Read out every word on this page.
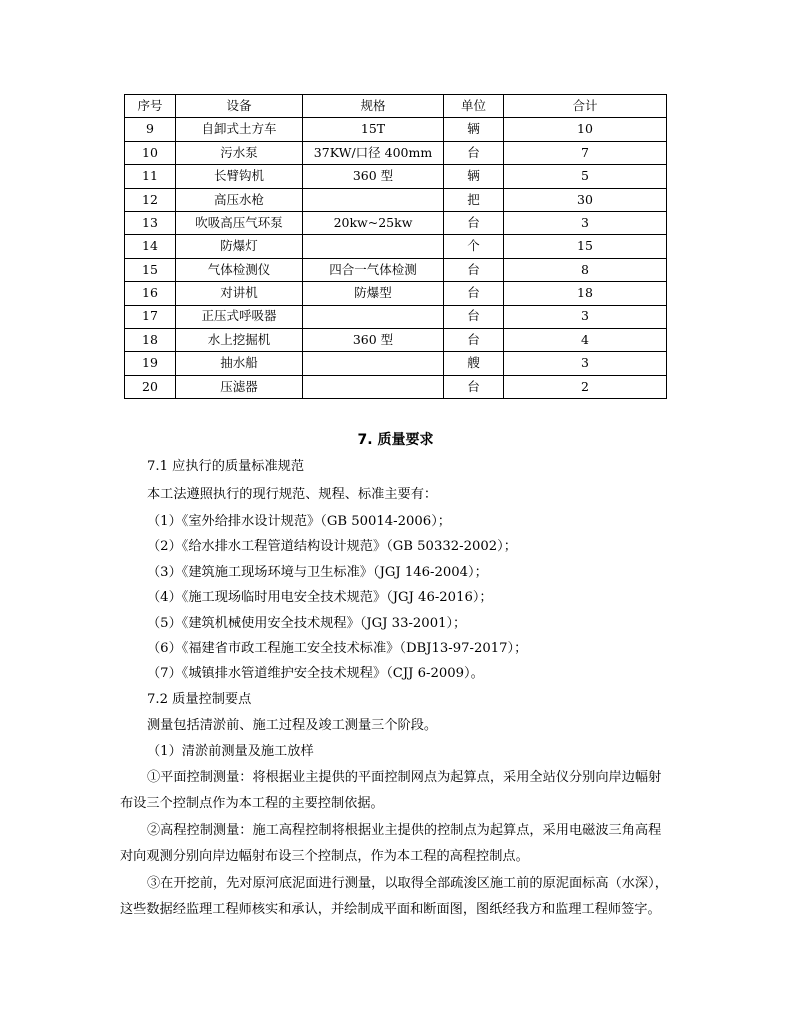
序号	设备	规格	单位	合计
9	自卸式土方车	15T	辆	10
10	污水泵	37KW/口径 400mm	台	7
11	长臂钩机	360 型	辆	5
12	高压水枪		把	30
13	吹吸高压气环泵	20kw~25kw	台	3
14	防爆灯		个	15
15	气体检测仪	四合一气体检测	台	8
16	对讲机	防爆型	台	18
17	正压式呼吸器		台	3
18	水上挖掘机	360 型	台	4
19	抽水船		艘	3
20	压滤器		台	2
7. 质量要求
7.1 应执行的质量标准规范
本工法遵照执行的现行规范、规程、标准主要有：
（1）《室外给排水设计规范》（GB 50014-2006）；
（2）《给水排水工程管道结构设计规范》（GB 50332-2002）；
（3）《建筑施工现场环境与卫生标准》（JGJ 146-2004）；
（4）《施工现场临时用电安全技术规范》（JGJ 46-2016）；
（5）《建筑机械使用安全技术规程》（JGJ 33-2001）；
（6）《福建省市政工程施工安全技术标准》（DBJ13-97-2017）；
（7）《城镇排水管道维护安全技术规程》（CJJ 6-2009）。
7.2 质量控制要点
测量包括清淤前、施工过程及竣工测量三个阶段。
（1）清淤前测量及施工放样
①平面控制测量：将根据业主提供的平面控制网点为起算点，采用全站仪分别向岸边幅射
布设三个控制点作为本工程的主要控制依据。
②高程控制测量：施工高程控制将根据业主提供的控制点为起算点，采用电磁波三角高程
对向观测分别向岸边幅射布设三个控制点，作为本工程的高程控制点。
③在开挖前，先对原河底泥面进行测量，以取得全部疏浚区施工前的原泥面标高（水深），
这些数据经监理工程师核实和承认，并绘制成平面和断面图，图纸经我方和监理工程师签字。
